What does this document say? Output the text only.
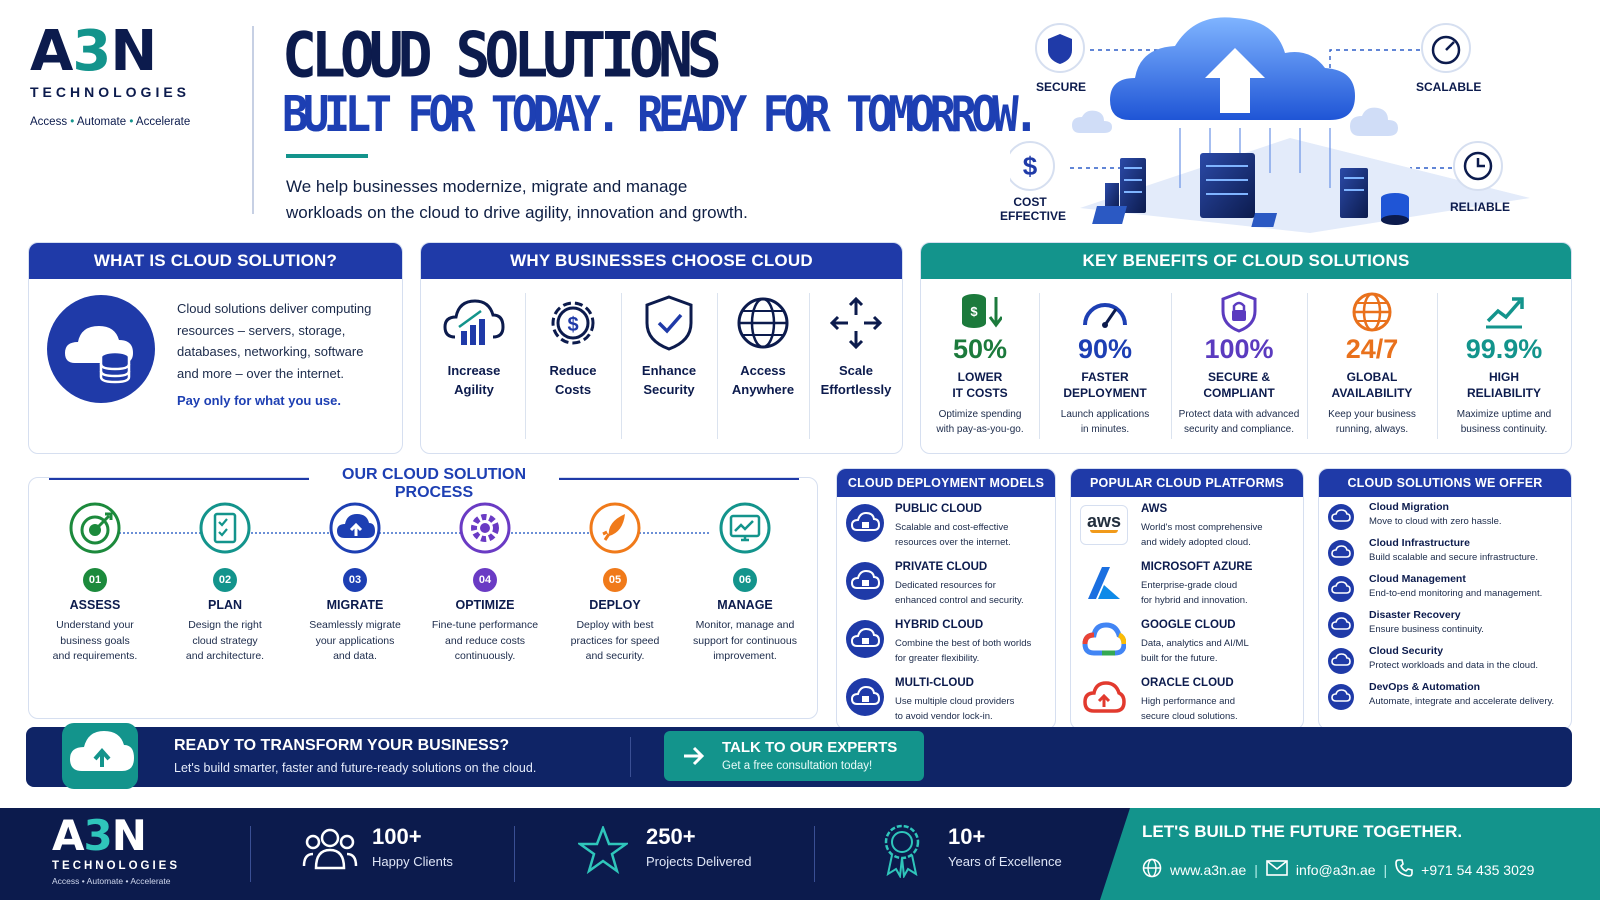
A3N
TECHNOLOGIES
Access • Automate • Accelerate
CLOUD SOLUTIONS
BUILT FOR TODAY. READY FOR TOMORROW.
We help businesses modernize, migrate and manage
workloads on the cloud to drive agility, innovation and growth.
$
SECURE	SCALABLE
COST
EFFECTIVE
RELIABLE
WHAT IS CLOUD SOLUTION?
Cloud solutions deliver computing
resources – servers, storage,
databases, networking, software
and more – over the internet.
Pay only for what you use.
WHY BUSINESSES CHOOSE CLOUD
Increase
Agility
$
Reduce
Costs
Enhance
Security
Access
Anywhere
Scale
Effortlessly
KEY BENEFITS OF CLOUD SOLUTIONS
$
50%
LOWER
IT COSTS
Optimize spending
with pay-as-you-go.
90%
FASTER
DEPLOYMENT
Launch applications
in minutes.
100%
SECURE &
COMPLIANT
Protect data with advanced
security and compliance.
24/7
GLOBAL
AVAILABILITY
Keep your business
running, always.
99.9%
HIGH
RELIABILITY
Maximize uptime and
business continuity.
OUR CLOUD SOLUTION PROCESS
01
ASSESS
Understand your
business goals
and requirements.
02
PLAN
Design the right
cloud strategy
and architecture.
03
MIGRATE
Seamlessly migrate
your applications
and data.
04
OPTIMIZE
Fine-tune performance
and reduce costs
continuously.
05
DEPLOY
Deploy with best
practices for speed
and security.
06
MANAGE
Monitor, manage and
support for continuous
improvement.
CLOUD DEPLOYMENT MODELS
PUBLIC CLOUD
Scalable and cost-effective
resources over the internet.
PRIVATE CLOUD
Dedicated resources for
enhanced control and security.
HYBRID CLOUD
Combine the best of both worlds
for greater flexibility.
MULTI-CLOUD
Use multiple cloud providers
to avoid vendor lock-in.
POPULAR CLOUD PLATFORMS
aws
AWS
World's most comprehensive
and widely adopted cloud.
MICROSOFT AZURE
Enterprise-grade cloud
for hybrid and innovation.
GOOGLE CLOUD
Data, analytics and AI/ML
built for the future.
ORACLE CLOUD
High performance and
secure cloud solutions.
CLOUD SOLUTIONS WE OFFER
Cloud Migration
Move to cloud with zero hassle.
Cloud Infrastructure
Build scalable and secure infrastructure.
Cloud Management
End-to-end monitoring and management.
Disaster Recovery
Ensure business continuity.
Cloud Security
Protect workloads and data in the cloud.
DevOps & Automation
Automate, integrate and accelerate delivery.
READY TO TRANSFORM YOUR BUSINESS?
Let's build smarter, faster and future-ready solutions on the cloud.
TALK TO OUR EXPERTS
Get a free consultation today!
A3N
TECHNOLOGIES
Access • Automate • Accelerate
100+
Happy Clients
250+
Projects Delivered
10+
Years of Excellence
LET'S BUILD THE FUTURE TOGETHER.
www.a3n.ae |	info@a3n.ae | +971 54 435 3029
